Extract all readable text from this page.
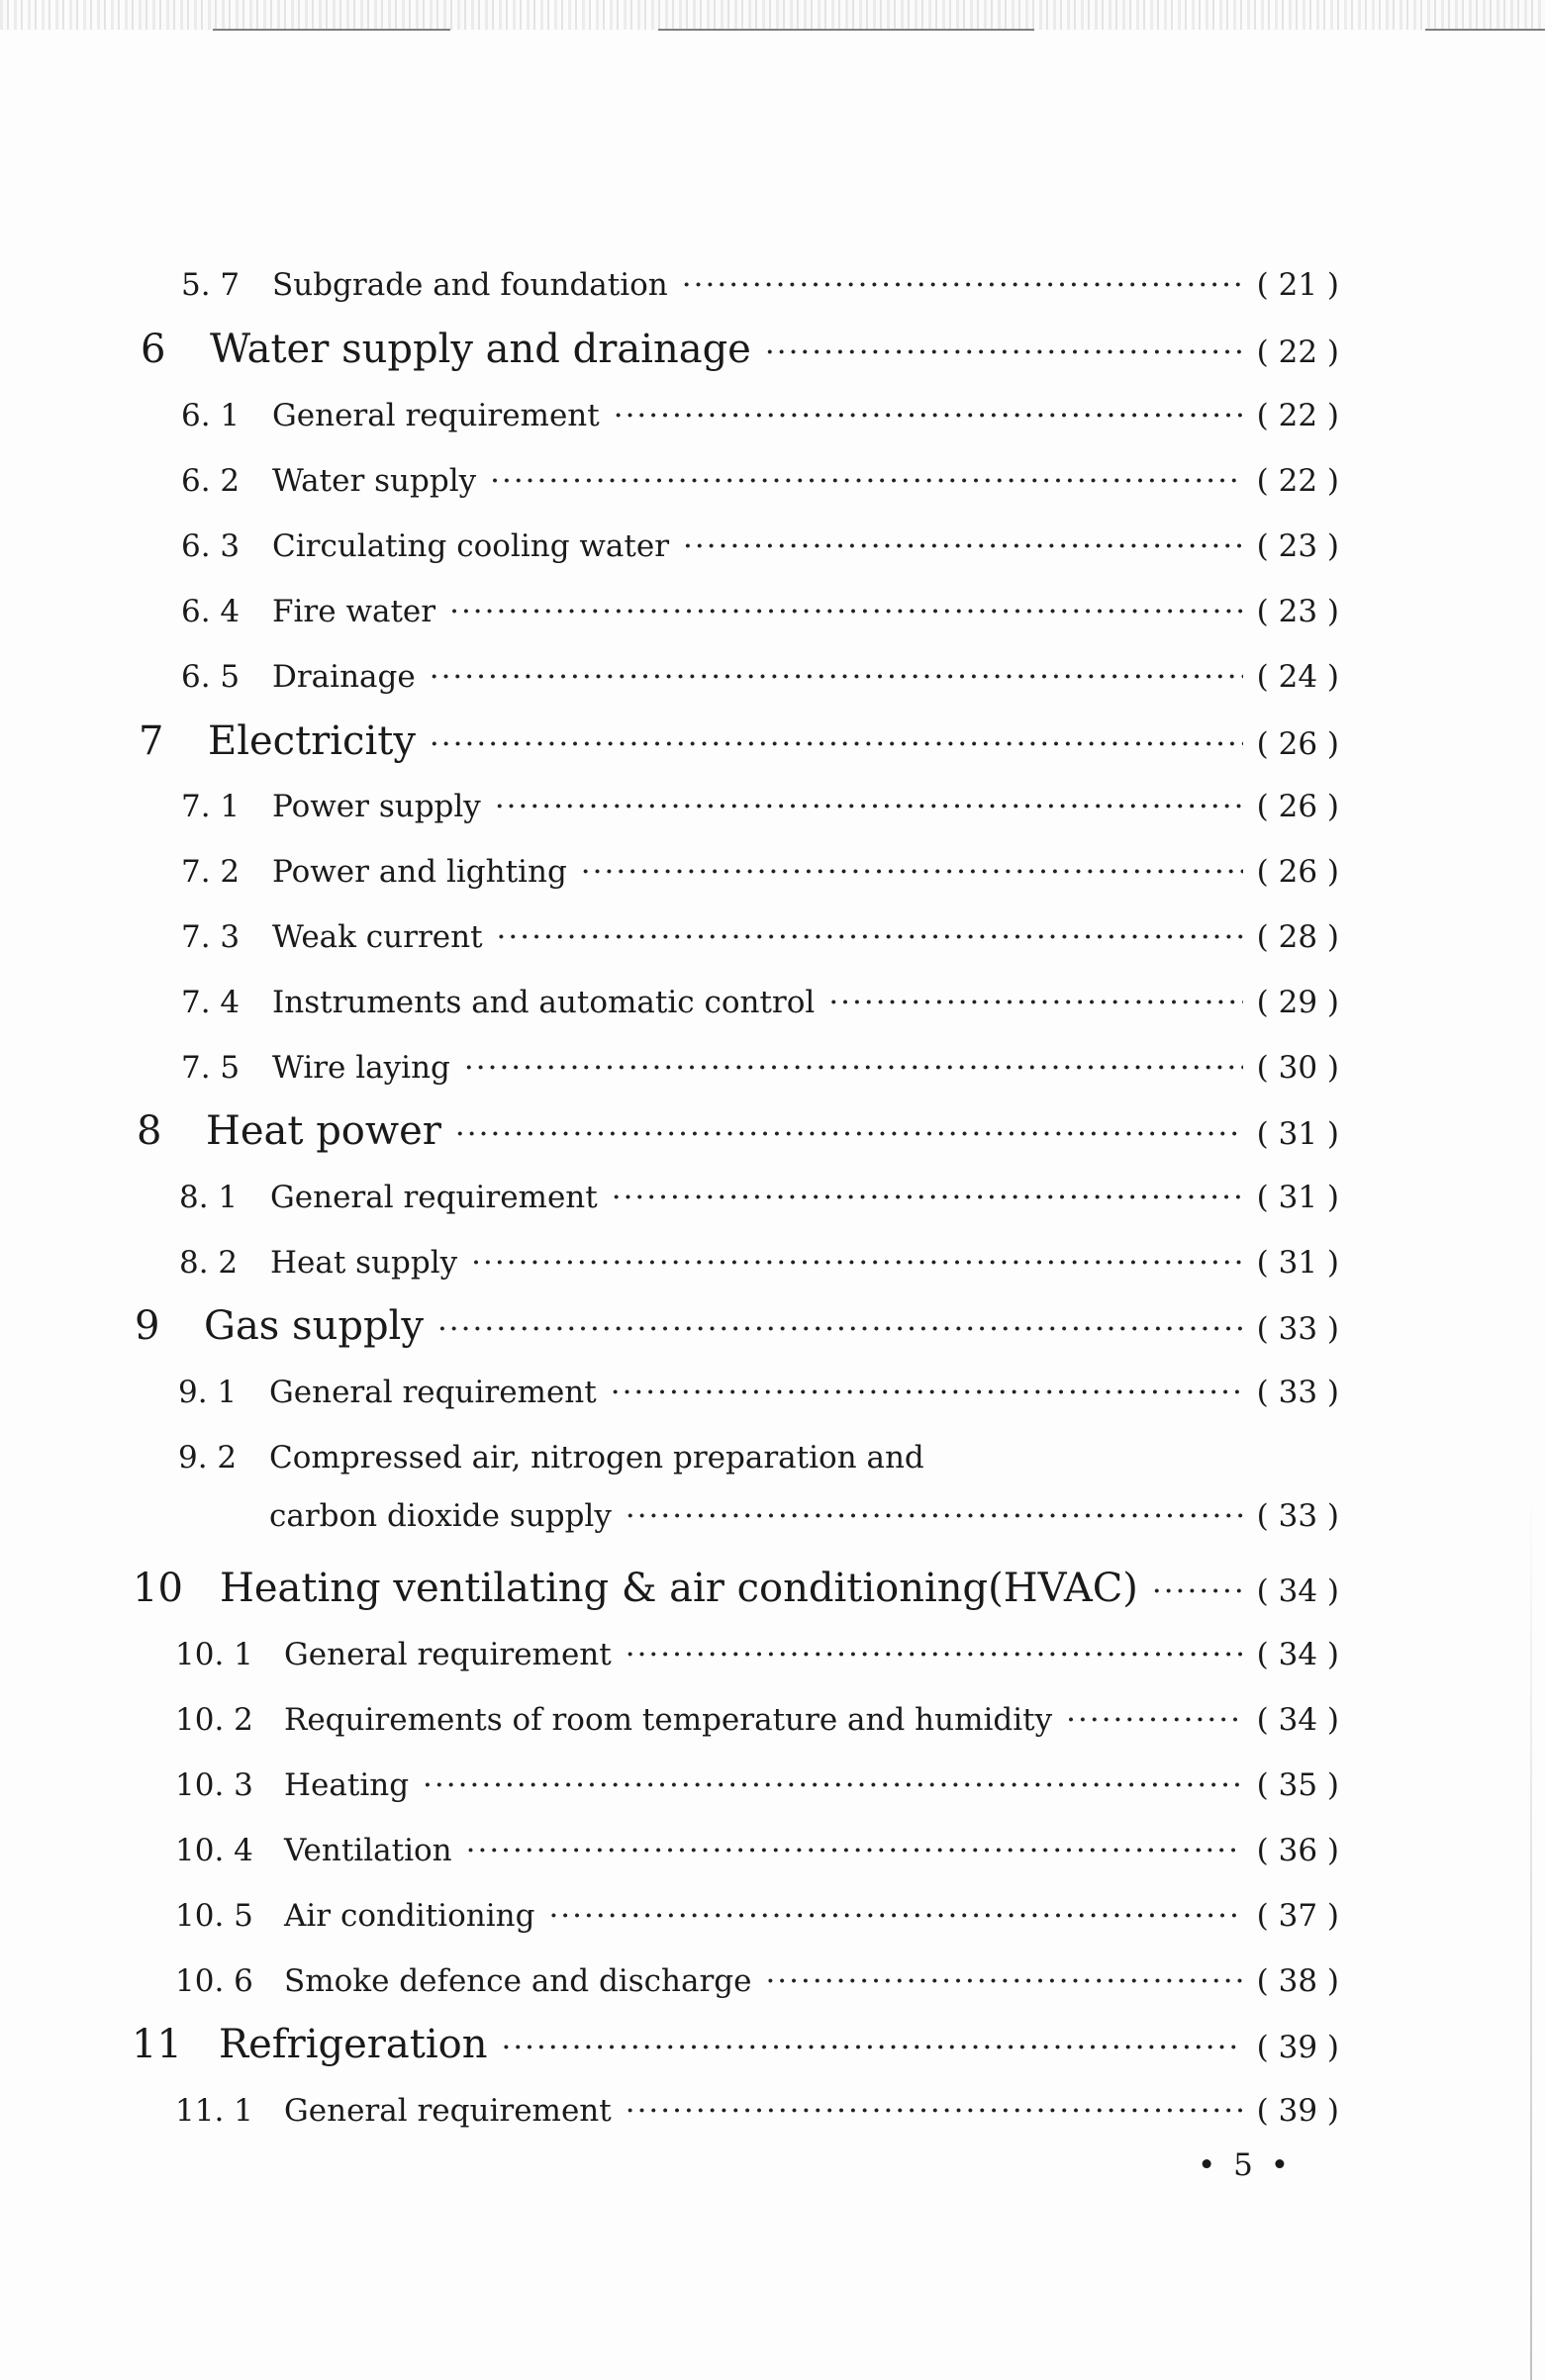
5. 7	Subgrade and foundation ·····	( 21 )
6	Water supply and drainage ·····	( 22 )
6. 1	General requirement ·····	( 22 )
6. 2	Water supply ·····	( 22 )
6. 3	Circulating cooling water ·····	( 23 )
6. 4	Fire water ·····	( 23 )
6. 5	Drainage ·····	( 24 )
7	Electricity ·····	( 26 )
7. 1	Power supply ·····	( 26 )
7. 2	Power and lighting ·····	( 26 )
7. 3	Weak current ·····	( 28 )
7. 4	Instruments and automatic control ·····	( 29 )
7. 5	Wire laying ·····	( 30 )
8	Heat power ·····	( 31 )
8. 1	General requirement ·····	( 31 )
8. 2	Heat supply ·····	( 31 )
9	Gas supply ·····	( 33 )
9. 1	General requirement ·····	( 33 )
9. 2	Compressed air, nitrogen preparation and
carbon dioxide supply ·····	( 33 )
10 Heating ventilating & air conditioning(HVAC) ·····	( 34 )
10. 1	General requirement ·····	( 34 )
10. 2	Requirements of room temperature and humidity ·····	( 34 )
10. 3	Heating ·····	( 35 )
10. 4	Ventilation ·····	( 36 )
10. 5	Air conditioning ·····	( 37 )
10. 6	Smoke defence and discharge ·····	( 38 )
11 Refrigeration ·····	( 39 )
11. 1	General requirement ·····	( 39 )
• 5 •
